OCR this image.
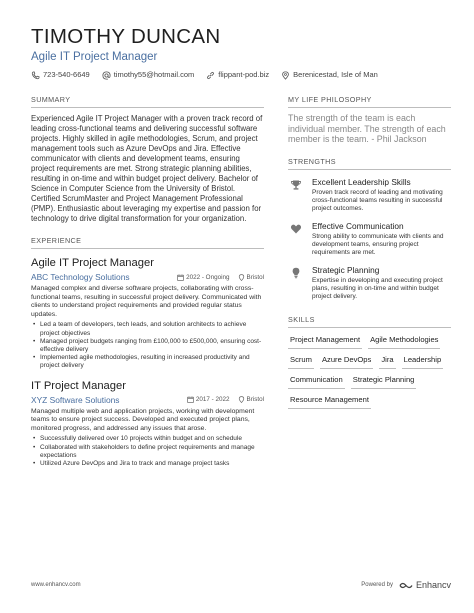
TIMOTHY DUNCAN
Agile IT Project Manager
723-540-6649	timothy55@hotmail.com	flippant-pod.biz	Berenicestad, Isle of Man
SUMMARY
Experienced Agile IT Project Manager with a proven track record of leading cross-functional teams and delivering successful software projects. Highly skilled in agile methodologies, Scrum, and project management tools such as Azure DevOps and Jira. Effective communicator with clients and development teams, ensuring project requirements are met. Strong strategic planning abilities, resulting in on-time and within budget project delivery. Bachelor of Science in Computer Science from the University of Bristol. Certified ScrumMaster and Project Management Professional (PMP). Enthusiastic about leveraging my expertise and passion for technology to drive digital transformation for your organization.
EXPERIENCE
Agile IT Project Manager
ABC Technology Solutions	2022 - Ongoing	Bristol
Managed complex and diverse software projects, collaborating with cross-functional teams, resulting in successful project delivery. Communicated with clients to understand project requirements and provided regular status updates.
• Led a team of developers, tech leads, and solution architects to achieve project objectives
• Managed project budgets ranging from £100,000 to £500,000, ensuring cost-effective delivery
• Implemented agile methodologies, resulting in increased productivity and project delivery
IT Project Manager
XYZ Software Solutions	2017 - 2022	Bristol
Managed multiple web and application projects, working with development teams to ensure project success. Developed and executed project plans, monitored progress, and addressed any issues that arose.
• Successfully delivered over 10 projects within budget and on schedule
• Collaborated with stakeholders to define project requirements and manage expectations
• Utilized Azure DevOps and Jira to track and manage project tasks
MY LIFE PHILOSOPHY
The strength of the team is each individual member. The strength of each member is the team. - Phil Jackson
STRENGTHS
Excellent Leadership Skills
Proven track record of leading and motivating cross-functional teams resulting in successful project outcomes.
Effective Communication
Strong ability to communicate with clients and development teams, ensuring project requirements are met.
Strategic Planning
Expertise in developing and executing project plans, resulting in on-time and within budget project delivery.
SKILLS
Project Management Agile Methodologies
Scrum Azure DevOps Jira Leadership
Communication Strategic Planning
Resource Management
www.enhancv.com	Powered by	Enhancv
